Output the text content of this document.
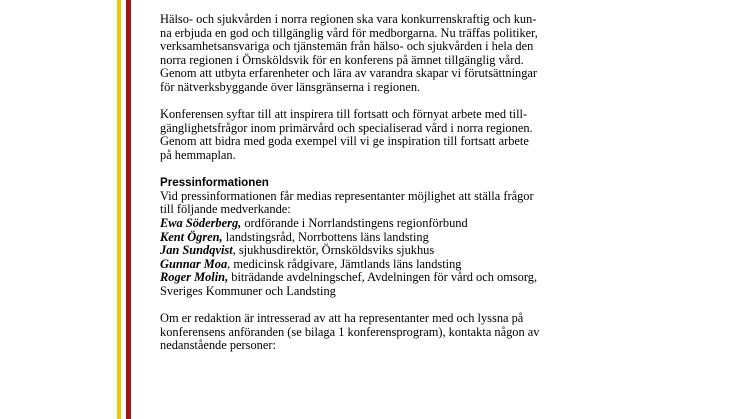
Hälso- och sjukvården i norra regionen ska vara konkurrenskraftig och kun-
na erbjuda en god och tillgänglig vård för medborgarna. Nu träffas politiker,
verksamhetsansvariga och tjänstemän från hälso- och sjukvården i hela den
norra regionen i Örnsköldsvik för en konferens på ämnet tillgänglig vård.
Genom att utbyta erfarenheter och lära av varandra skapar vi förutsättningar
för nätverksbyggande över länsgränserna i regionen.

Konferensen syftar till att inspirera till fortsatt och förnyat arbete med till-
gänglighetsfrågor inom primärvård och specialiserad vård i norra regionen.
Genom att bidra med goda exempel vill vi ge inspiration till fortsatt arbete
på hemmaplan.

Pressinformationen

Vid pressinformationen får medias representanter möjlighet att ställa frågor
till följande medverkande:
Ewa Söderberg, ordförande i Norrlandstingens regionförbund
Kent Ögren, landstingsråd, Norrbottens läns landsting
Jan Sundqvist, sjukhusdirektör, Örnsköldsviks sjukhus
Gunnar Moa, medicinsk rådgivare, Jämtlands läns landsting
Roger Molin, biträdande avdelningschef, Avdelningen för vård och omsorg,
Sveriges Kommuner och Landsting

Om er redaktion är intresserad av att ha representanter med och lyssna på
konferensens anföranden (se bilaga 1 konferensprogram), kontakta någon av
nedanstående personer:
